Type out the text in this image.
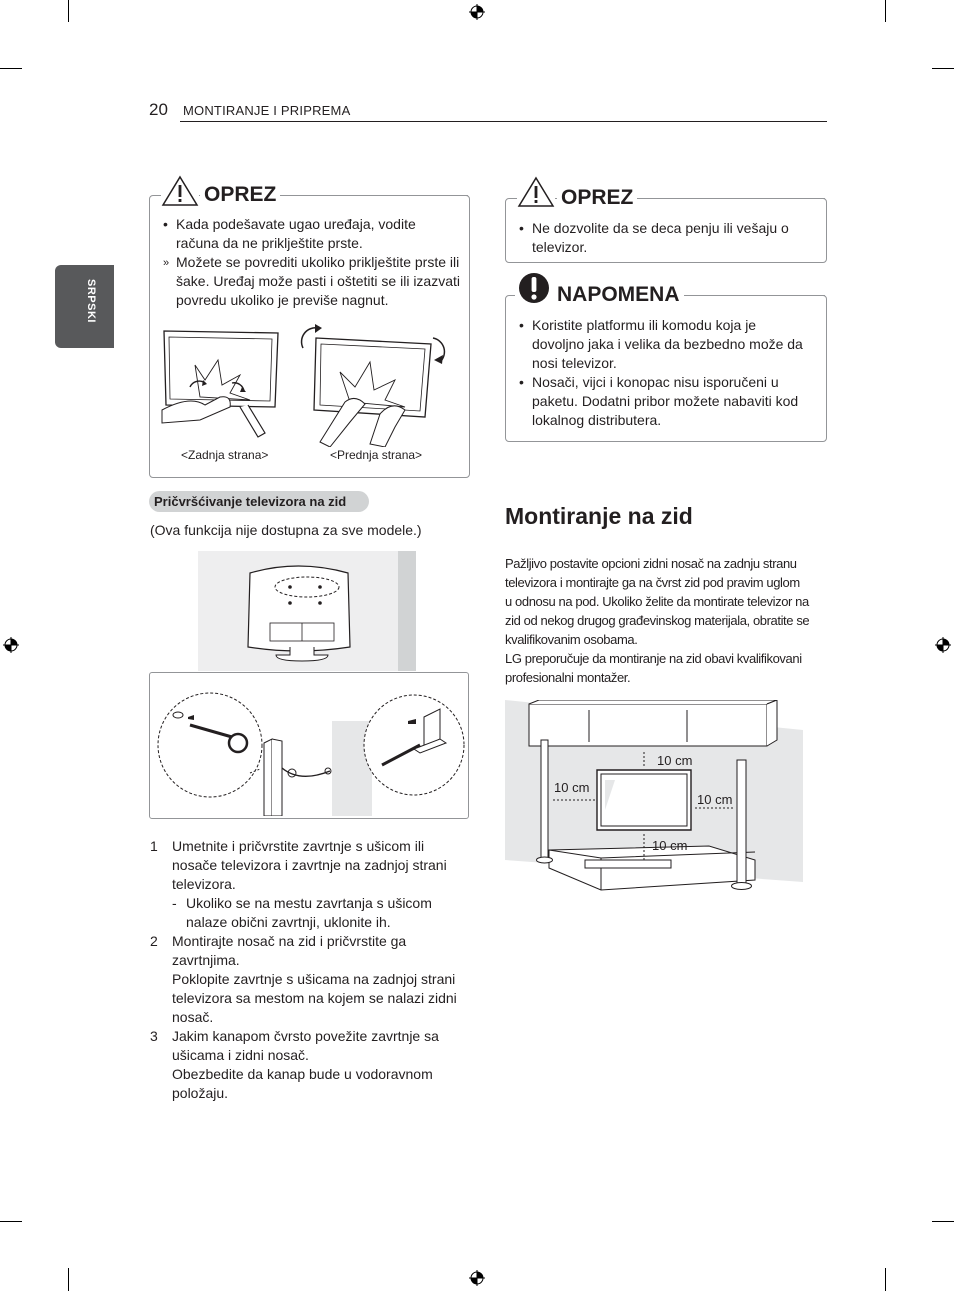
20 MONTIRANJE I PRIPREMA
SRPSKI
OPREZ
• Kada podešavate ugao uređaja, vodite
računa da ne priklještite prste.
» Možete se povrediti ukoliko priklještite prste ili
šake. Uređaj može pasti i oštetiti se ili izazvati
povredu ukoliko je previše nagnut.
<Zadnja strana>	<Prednja strana>
Pričvršćivanje televizora na zid
(Ova funkcija nije dostupna za sve modele.)
1 Umetnite i pričvrstite zavrtnje s ušicom ili
nosače televizora i zavrtnje na zadnjoj strani
televizora.
- Ukoliko se na mestu zavrtanja s ušicom
nalaze obični zavrtnji, uklonite ih.
2 Montirajte nosač na zid i pričvrstite ga
zavrtnjima.
Poklopite zavrtnje s ušicama na zadnjoj strani
televizora sa mestom na kojem se nalazi zidni
nosač.
3 Jakim kanapom čvrsto povežite zavrtnje sa
ušicama i zidni nosač.
Obezbedite da kanap bude u vodoravnom
položaju.
OPREZ
• Ne dozvolite da se deca penju ili vešaju o
televizor.
NAPOMENA
• Koristite platformu ili komodu koja je
dovoljno jaka i velika da bezbedno može da
nosi televizor.
• Nosači, vijci i konopac nisu isporučeni u
paketu. Dodatni pribor možete nabaviti kod
lokalnog distributera.
Montiranje na zid
Pažljivo postavite opcioni zidni nosač na zadnju stranu
televizora i montirajte ga na čvrst zid pod pravim uglom
u odnosu na pod. Ukoliko želite da montirate televizor na
zid od nekog drugog građevinskog materijala, obratite se
kvalifikovanim osobama.
LG preporučuje da montiranje na zid obavi kvalifikovani
profesionalni montažer.
10 cm
10 cm
10 cm
10 cm
